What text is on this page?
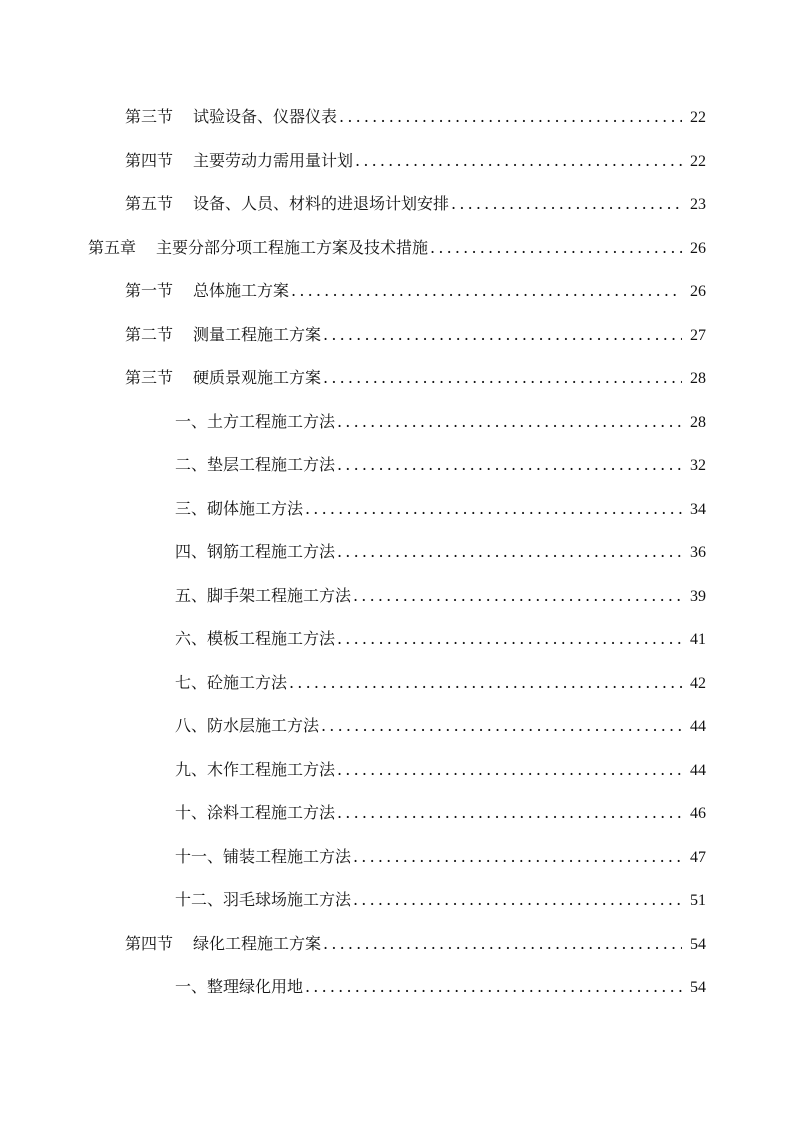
第三节 试验设备、仪器仪表 .....	22
第四节 主要劳动力需用量计划 .....	22
第五节 设备、人员、材料的进退场计划安排 .....	23
第五章 主要分部分项工程施工方案及技术措施 .....	26
第一节 总体施工方案 .....	26
第二节 测量工程施工方案 .....	27
第三节 硬质景观施工方案 .....	28
一、土方工程施工方法 .....	28
二、垫层工程施工方法 .....	32
三、砌体施工方法 .....	34
四、钢筋工程施工方法 .....	36
五、脚手架工程施工方法 .....	39
六、模板工程施工方法 .....	41
七、砼施工方法 .....	42
八、防水层施工方法 .....	44
九、木作工程施工方法 .....	44
十、涂料工程施工方法 .....	46
十一、铺装工程施工方法 .....	47
十二、羽毛球场施工方法 .....	51
第四节 绿化工程施工方案 .....	54
一、整理绿化用地 .....	54
